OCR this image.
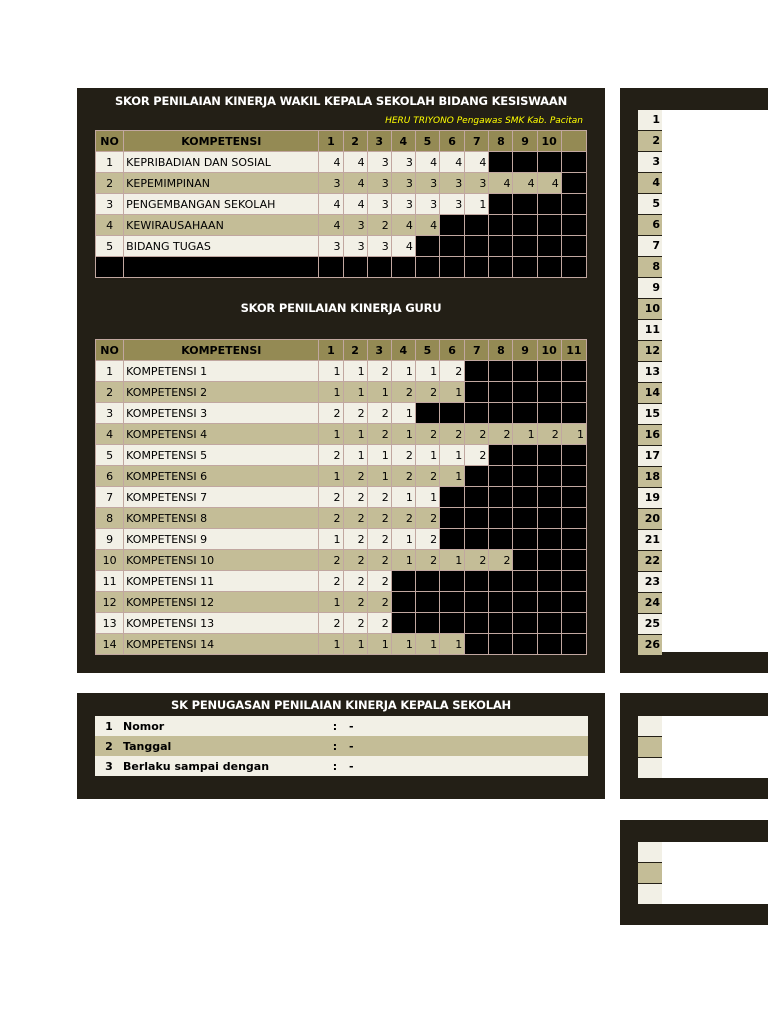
SKOR PENILAIAN KINERJA WAKIL KEPALA SEKOLAH BIDANG KESISWAAN
HERU TRIYONO Pengawas SMK Kab. Pacitan
NO	KOMPETENSI	1	2	3	4	5	6	7	8	9	10	
1	KEPRIBADIAN DAN SOSIAL	4	4	3	3	4	4	4				
2	KEPEMIMPINAN	3	4	3	3	3	3	3	4	4	4	
3	PENGEMBANGAN SEKOLAH	4	4	3	3	3	3	1				
4	KEWIRAUSAHAAN	4	3	2	4	4						
5	BIDANG TUGAS	3	3	3	4							

SKOR PENILAIAN KINERJA GURU
NO	KOMPETENSI	1	2	3	4	5	6	7	8	9	10	11
1	KOMPETENSI 1	1	1	2	1	1	2					
2	KOMPETENSI 2	1	1	1	2	2	1					
3	KOMPETENSI 3	2	2	2	1							
4	KOMPETENSI 4	1	1	2	1	2	2	2	2	1	2	1
5	KOMPETENSI 5	2	1	1	2	1	1	2				
6	KOMPETENSI 6	1	2	1	2	2	1					
7	KOMPETENSI 7	2	2	2	1	1						
8	KOMPETENSI 8	2	2	2	2	2						
9	KOMPETENSI 9	1	2	2	1	2						
10	KOMPETENSI 10	2	2	2	1	2	1	2	2			
11	KOMPETENSI 11	2	2	2								
12	KOMPETENSI 12	1	2	2								
13	KOMPETENSI 13	2	2	2								
14	KOMPETENSI 14	1	1	1	1	1	1					
SK PENUGASAN PENILAIAN KINERJA KEPALA SEKOLAH
1	Nomor	:	-
2	Tanggal	:	-
3	Berlaku sampai dengan	:	-
1
2
3
4
5
6
7
8
9
10
11
12
13
14
15
16
17
18
19
20
21
22
23
24
25
26
